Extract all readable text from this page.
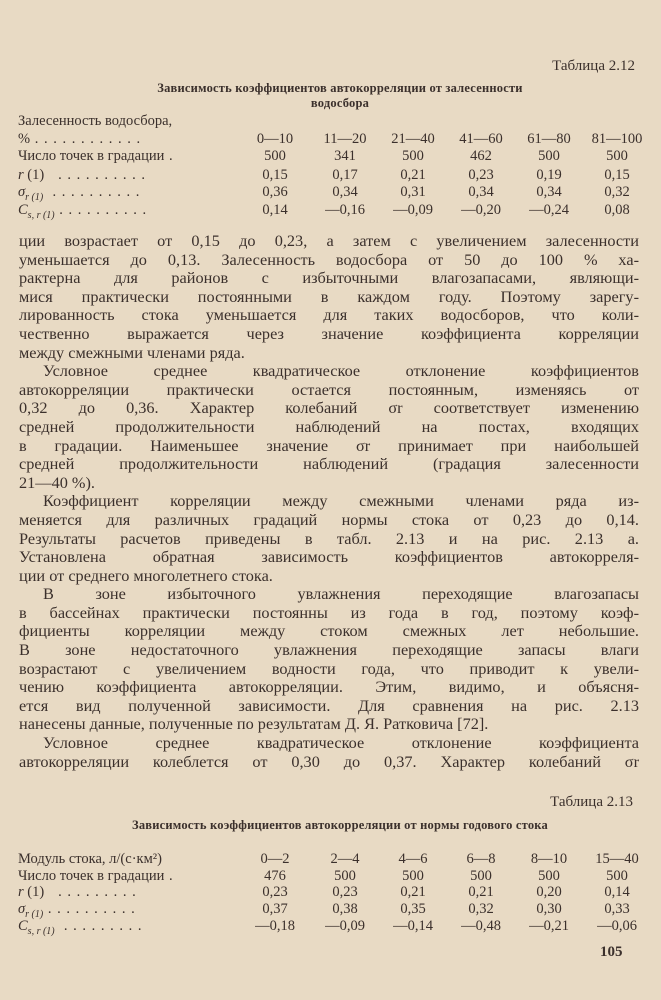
Таблица 2.12
Зависимость коэффициентов автокорреляции от залесенности
водосбора
Залесенность водосбора,
% . . . . . . . . . . . .	0—10	11—20	21—40	41—60	61—80	81—100
Число точек в градации .	500	341	500	462	500	500
r (1)   . . . . . . . . . .	0,15	0,17	0,21	0,23	0,19	0,15
$\sigma_{r (1)}$  . . . . . . . . . .	0,36	0,34	0,31	0,34	0,34	0,32
$C_{s, r (1)}$ . . . . . . . . . .	0,14	—0,16	—0,09	—0,20	—0,24	0,08
ции возрастает от 0,15 до 0,23, а затем с увеличением залесенности
уменьшается до 0,13. Залесенность водосбора от 50 до 100 % ха-
рактерна для районов с избыточными влагозапасами, являющи-
мися практически постоянными в каждом году. Поэтому зарегу-
лированность стока уменьшается для таких водосборов, что коли-
чественно выражается через значение коэффициента корреляции
между смежными членами ряда.
Условное среднее квадратическое отклонение коэффициентов
автокорреляции практически остается постоянным, изменяясь от
0,32 до 0,36. Характер колебаний σr соответствует изменению
средней продолжительности наблюдений на постах, входящих
в градации. Наименьшее значение σr принимает при наибольшей
средней продолжительности наблюдений (градация залесенности
21—40 %).
Коэффициент корреляции между смежными членами ряда из-
меняется для различных градаций нормы стока от 0,23 до 0,14.
Результаты расчетов приведены в табл. 2.13 и на рис. 2.13 а.
Установлена обратная зависимость коэффициентов автокорреля-
ции от среднего многолетнего стока.
В зоне избыточного увлажнения переходящие влагозапасы
в бассейнах практически постоянны из года в год, поэтому коэф-
фициенты корреляции между стоком смежных лет небольшие.
В зоне недостаточного увлажнения переходящие запасы влаги
возрастают с увеличением водности года, что приводит к увели-
чению коэффициента автокорреляции. Этим, видимо, и объясня-
ется вид полученной зависимости. Для сравнения на рис. 2.13
нанесены данные, полученные по результатам Д. Я. Ратковича [72].
Условное среднее квадратическое отклонение коэффициента
автокорреляции колеблется от 0,30 до 0,37. Характер колебаний σr
Таблица 2.13
Зависимость коэффициентов автокорреляции от нормы годового стока
Модуль стока, л/(с·км²)	0—2	2—4	4—6	6—8	8—10	15—40
Число точек в градации .	476	500	500	500	500	500
r (1)   . . . . . . . . .	0,23	0,23	0,21	0,21	0,20	0,14
$\sigma_{r (1)}$ . . . . . . . . . .	0,37	0,38	0,35	0,32	0,30	0,33
$C_{s, r (1)}$  . . . . . . . . .	—0,18	—0,09	—0,14	—0,48	—0,21	—0,06
105
